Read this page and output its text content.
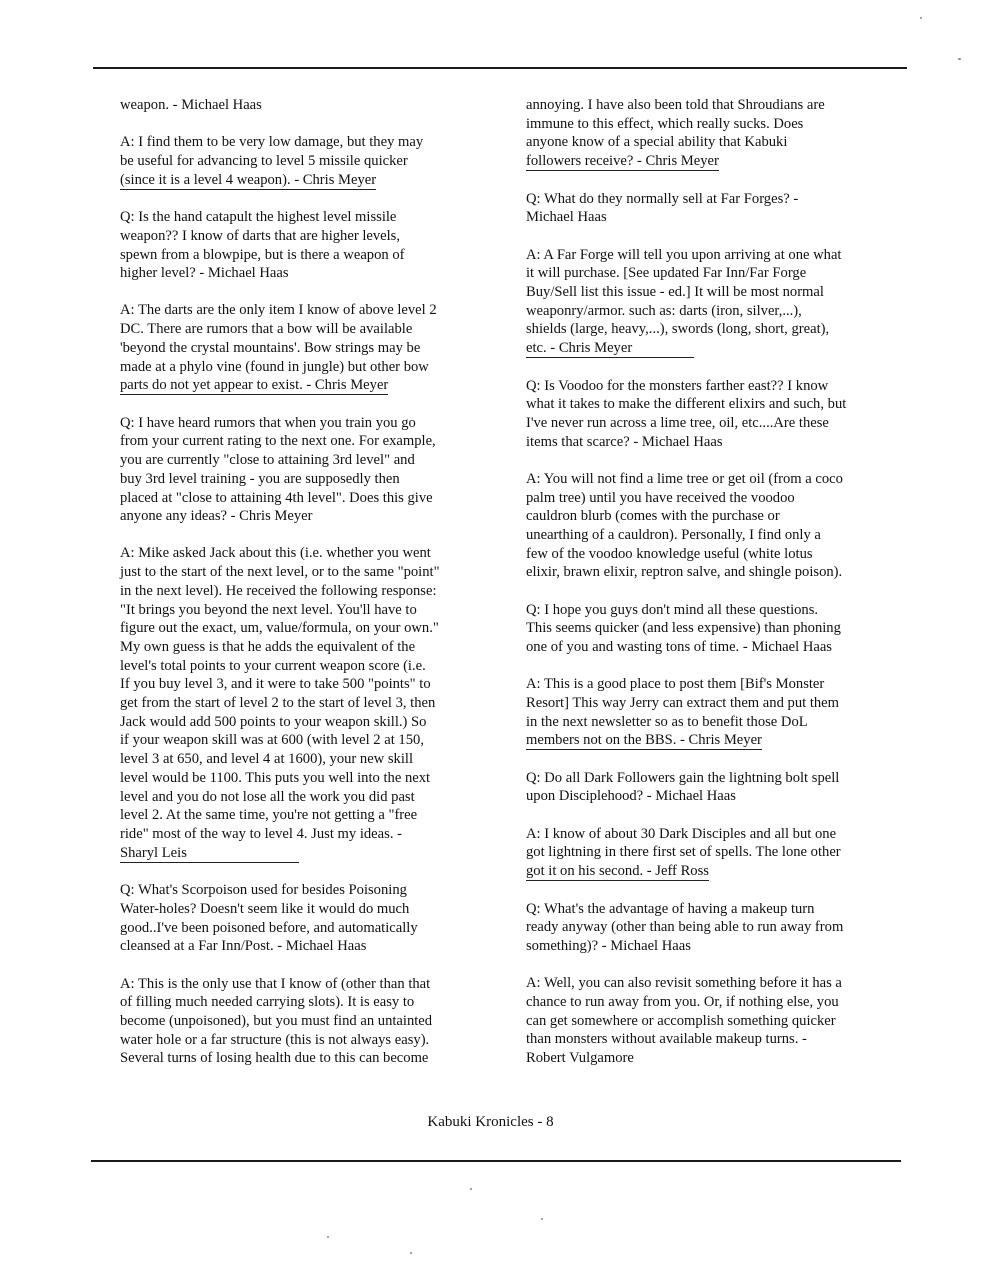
weapon. - Michael Haas

A: I find them to be very low damage, but they may
be useful for advancing to level 5 missile quicker
(since it is a level 4 weapon). - Chris Meyer

Q: Is the hand catapult the highest level missile
weapon?? I know of darts that are higher levels,
spewn from a blowpipe, but is there a weapon of
higher level? - Michael Haas

A: The darts are the only item I know of above level 2
DC. There are rumors that a bow will be available
'beyond the crystal mountains'. Bow strings may be
made at a phylo vine (found in jungle) but other bow
parts do not yet appear to exist. - Chris Meyer

Q: I have heard rumors that when you train you go
from your current rating to the next one. For example,
you are currently "close to attaining 3rd level" and
buy 3rd level training - you are supposedly then
placed at "close to attaining 4th level". Does this give
anyone any ideas? - Chris Meyer

A: Mike asked Jack about this (i.e. whether you went
just to the start of the next level, or to the same "point"
in the next level). He received the following response:
"It brings you beyond the next level. You'll have to
figure out the exact, um, value/formula, on your own."
My own guess is that he adds the equivalent of the
level's total points to your current weapon score (i.e.
If you buy level 3, and it were to take 500 "points" to
get from the start of level 2 to the start of level 3, then
Jack would add 500 points to your weapon skill.) So
if your weapon skill was at 600 (with level 2 at 150,
level 3 at 650, and level 4 at 1600), your new skill
level would be 1100. This puts you well into the next
level and you do not lose all the work you did past
level 2. At the same time, you're not getting a "free
ride" most of the way to level 4. Just my ideas. -
Sharyl Leis

Q: What's Scorpoison used for besides Poisoning
Water-holes? Doesn't seem like it would do much
good..I've been poisoned before, and automatically
cleansed at a Far Inn/Post. - Michael Haas

A: This is the only use that I know of (other than that
of filling much needed carrying slots). It is easy to
become (unpoisoned), but you must find an untainted
water hole or a far structure (this is not always easy).
Several turns of losing health due to this can become

annoying. I have also been told that Shroudians are
immune to this effect, which really sucks. Does
anyone know of a special ability that Kabuki
followers receive? - Chris Meyer

Q: What do they normally sell at Far Forges? -
Michael Haas

A: A Far Forge will tell you upon arriving at one what
it will purchase. [See updated Far Inn/Far Forge
Buy/Sell list this issue - ed.] It will be most normal
weaponry/armor. such as: darts (iron, silver,...),
shields (large, heavy,...), swords (long, short, great),
etc. - Chris Meyer

Q: Is Voodoo for the monsters farther east?? I know
what it takes to make the different elixirs and such, but
I've never run across a lime tree, oil, etc....Are these
items that scarce? - Michael Haas

A: You will not find a lime tree or get oil (from a coco
palm tree) until you have received the voodoo
cauldron blurb (comes with the purchase or
unearthing of a cauldron). Personally, I find only a
few of the voodoo knowledge useful (white lotus
elixir, brawn elixir, reptron salve, and shingle poison).

Q: I hope you guys don't mind all these questions.
This seems quicker (and less expensive) than phoning
one of you and wasting tons of time. - Michael Haas

A: This is a good place to post them [Bif's Monster
Resort] This way Jerry can extract them and put them
in the next newsletter so as to benefit those DoL
members not on the BBS. - Chris Meyer

Q: Do all Dark Followers gain the lightning bolt spell
upon Disciplehood? - Michael Haas

A: I know of about 30 Dark Disciples and all but one
got lightning in there first set of spells. The lone other
got it on his second. - Jeff Ross

Q: What's the advantage of having a makeup turn
ready anyway (other than being able to run away from
something)? - Michael Haas

A: Well, you can also revisit something before it has a
chance to run away from you. Or, if nothing else, you
can get somewhere or accomplish something quicker
than monsters without available makeup turns. -
Robert Vulgamore

Kabuki Kronicles - 8
